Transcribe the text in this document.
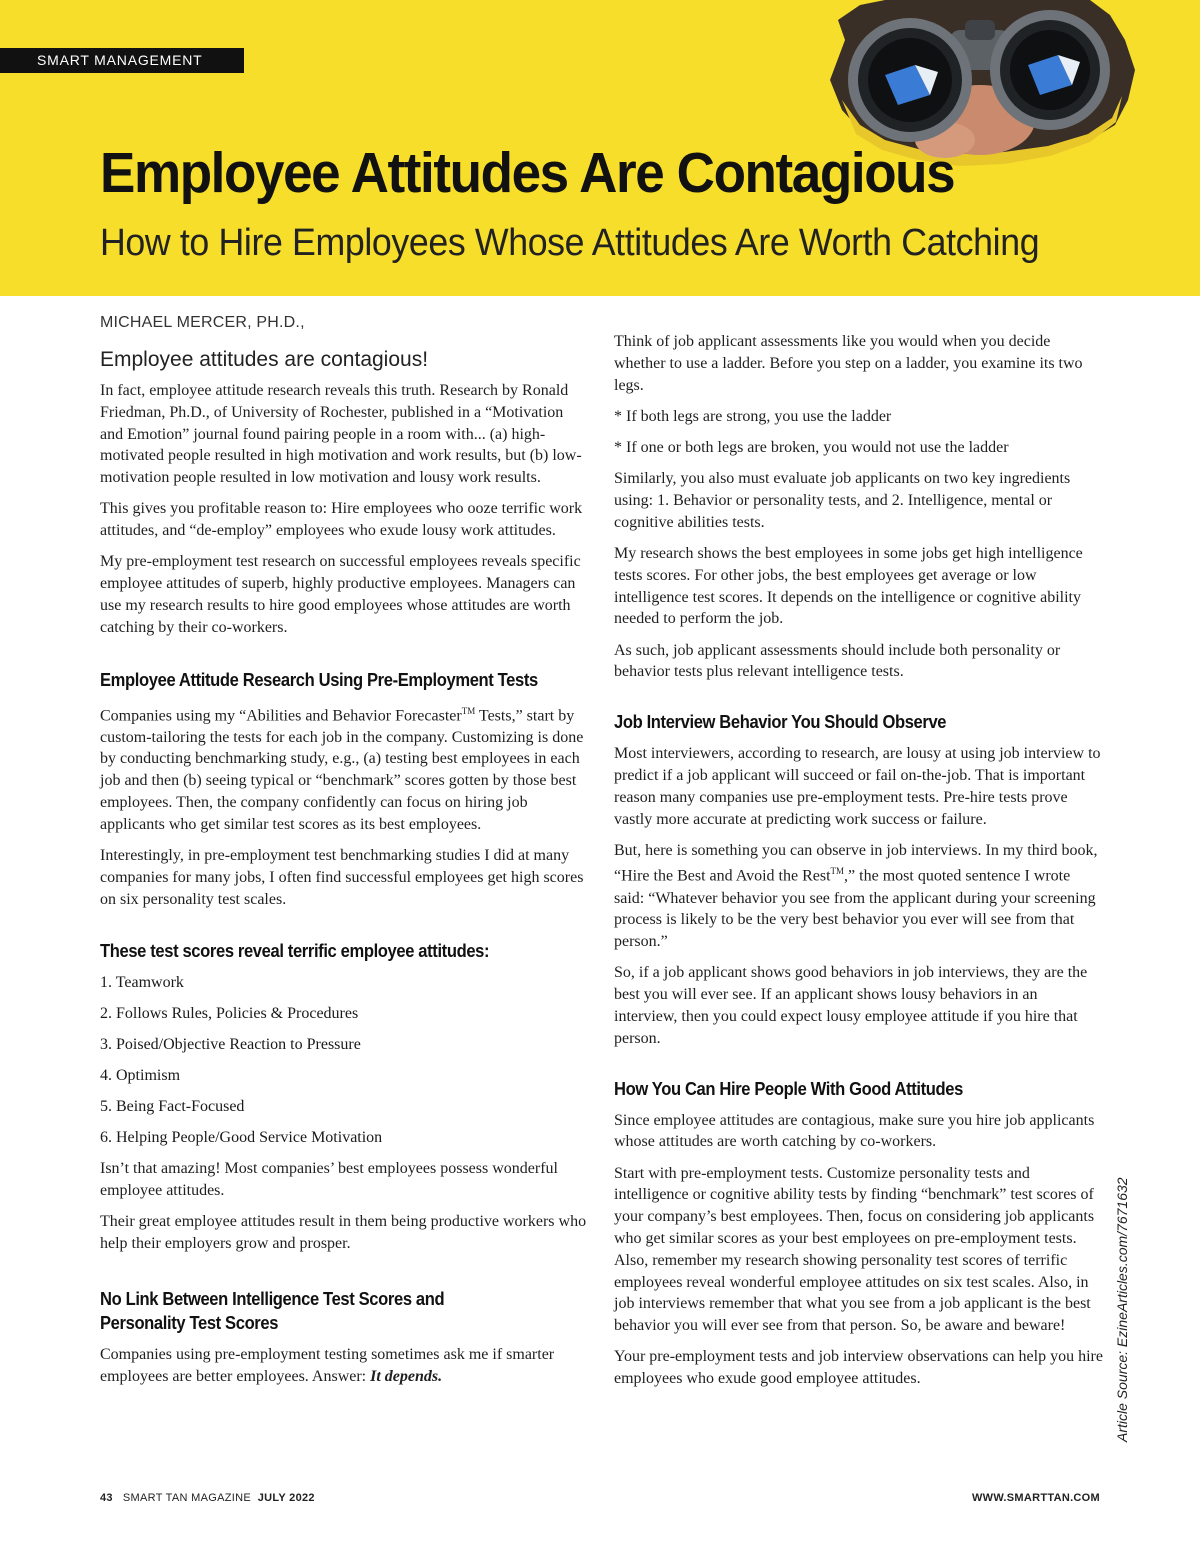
SMART MANAGEMENT
Employee Attitudes Are Contagious
How to Hire Employees Whose Attitudes Are Worth Catching
MICHAEL MERCER, PH.D.,
Employee attitudes are contagious!

In fact, employee attitude research reveals this truth. Research by Ronald Friedman, Ph.D., of University of Rochester, published in a “Motivation and Emotion” journal found pairing people in a room with... (a) high-motivated people resulted in high motivation and work results, but (b) low-motivation people resulted in low motivation and lousy work results.

This gives you profitable reason to: Hire employees who ooze terrific work attitudes, and “de-employ” employees who exude lousy work attitudes.

My pre-employment test research on successful employees reveals specific employee attitudes of superb, highly productive employees. Managers can use my research results to hire good employees whose attitudes are worth catching by their co-workers.

Employee Attitude Research Using Pre-Employment Tests

Companies using my “Abilities and Behavior Forecaster™ Tests,” start by custom-tailoring the tests for each job in the company. Customizing is done by conducting benchmarking study, e.g., (a) testing best employees in each job and then (b) seeing typical or “benchmark” scores gotten by those best employees. Then, the company confidently can focus on hiring job applicants who get similar test scores as its best employees.

Interestingly, in pre-employment test benchmarking studies I did at many companies for many jobs, I often find successful employees get high scores on six personality test scales.

These test scores reveal terrific employee attitudes:
1. Teamwork
2. Follows Rules, Policies & Procedures
3. Poised/Objective Reaction to Pressure
4. Optimism
5. Being Fact-Focused
6. Helping People/Good Service Motivation

Isn’t that amazing! Most companies’ best employees possess wonderful employee attitudes.

Their great employee attitudes result in them being productive workers who help their employers grow and prosper.

No Link Between Intelligence Test Scores and
Personality Test Scores

Companies using pre-employment testing sometimes ask me if smarter employees are better employees. Answer: It depends.

Think of job applicant assessments like you would when you decide whether to use a ladder. Before you step on a ladder, you examine its two legs.

* If both legs are strong, you use the ladder

* If one or both legs are broken, you would not use the ladder

Similarly, you also must evaluate job applicants on two key ingredients using: 1. Behavior or personality tests, and 2. Intelligence, mental or cognitive abilities tests.

My research shows the best employees in some jobs get high intelligence tests scores. For other jobs, the best employees get average or low intelligence test scores. It depends on the intelligence or cognitive ability needed to perform the job.

As such, job applicant assessments should include both personality or behavior tests plus relevant intelligence tests.

Job Interview Behavior You Should Observe

Most interviewers, according to research, are lousy at using job interview to predict if a job applicant will succeed or fail on-the-job. That is important reason many companies use pre-employment tests. Pre-hire tests prove vastly more accurate at predicting work success or failure.

But, here is something you can observe in job interviews. In my third book, “Hire the Best and Avoid the Rest™,” the most quoted sentence I wrote said: “Whatever behavior you see from the applicant during your screening process is likely to be the very best behavior you ever will see from that person.”

So, if a job applicant shows good behaviors in job interviews, they are the best you will ever see. If an applicant shows lousy behaviors in an interview, then you could expect lousy employee attitude if you hire that person.

How You Can Hire People With Good Attitudes

Since employee attitudes are contagious, make sure you hire job applicants whose attitudes are worth catching by co-workers.

Start with pre-employment tests. Customize personality tests and intelligence or cognitive ability tests by finding “benchmark” test scores of your company’s best employees. Then, focus on considering job applicants who get similar scores as your best employees on pre-employment tests. Also, remember my research showing personality test scores of terrific employees reveal wonderful employee attitudes on six test scales. Also, in job interviews remember that what you see from a job applicant is the best behavior you will ever see from that person. So, be aware and beware!

Your pre-employment tests and job interview observations can help you hire employees who exude good employee attitudes.	Article Source: EzineArticles.com/7671632
43 SMART TAN MAGAZINE JULY 2022	WWW.SMARTTAN.COM
